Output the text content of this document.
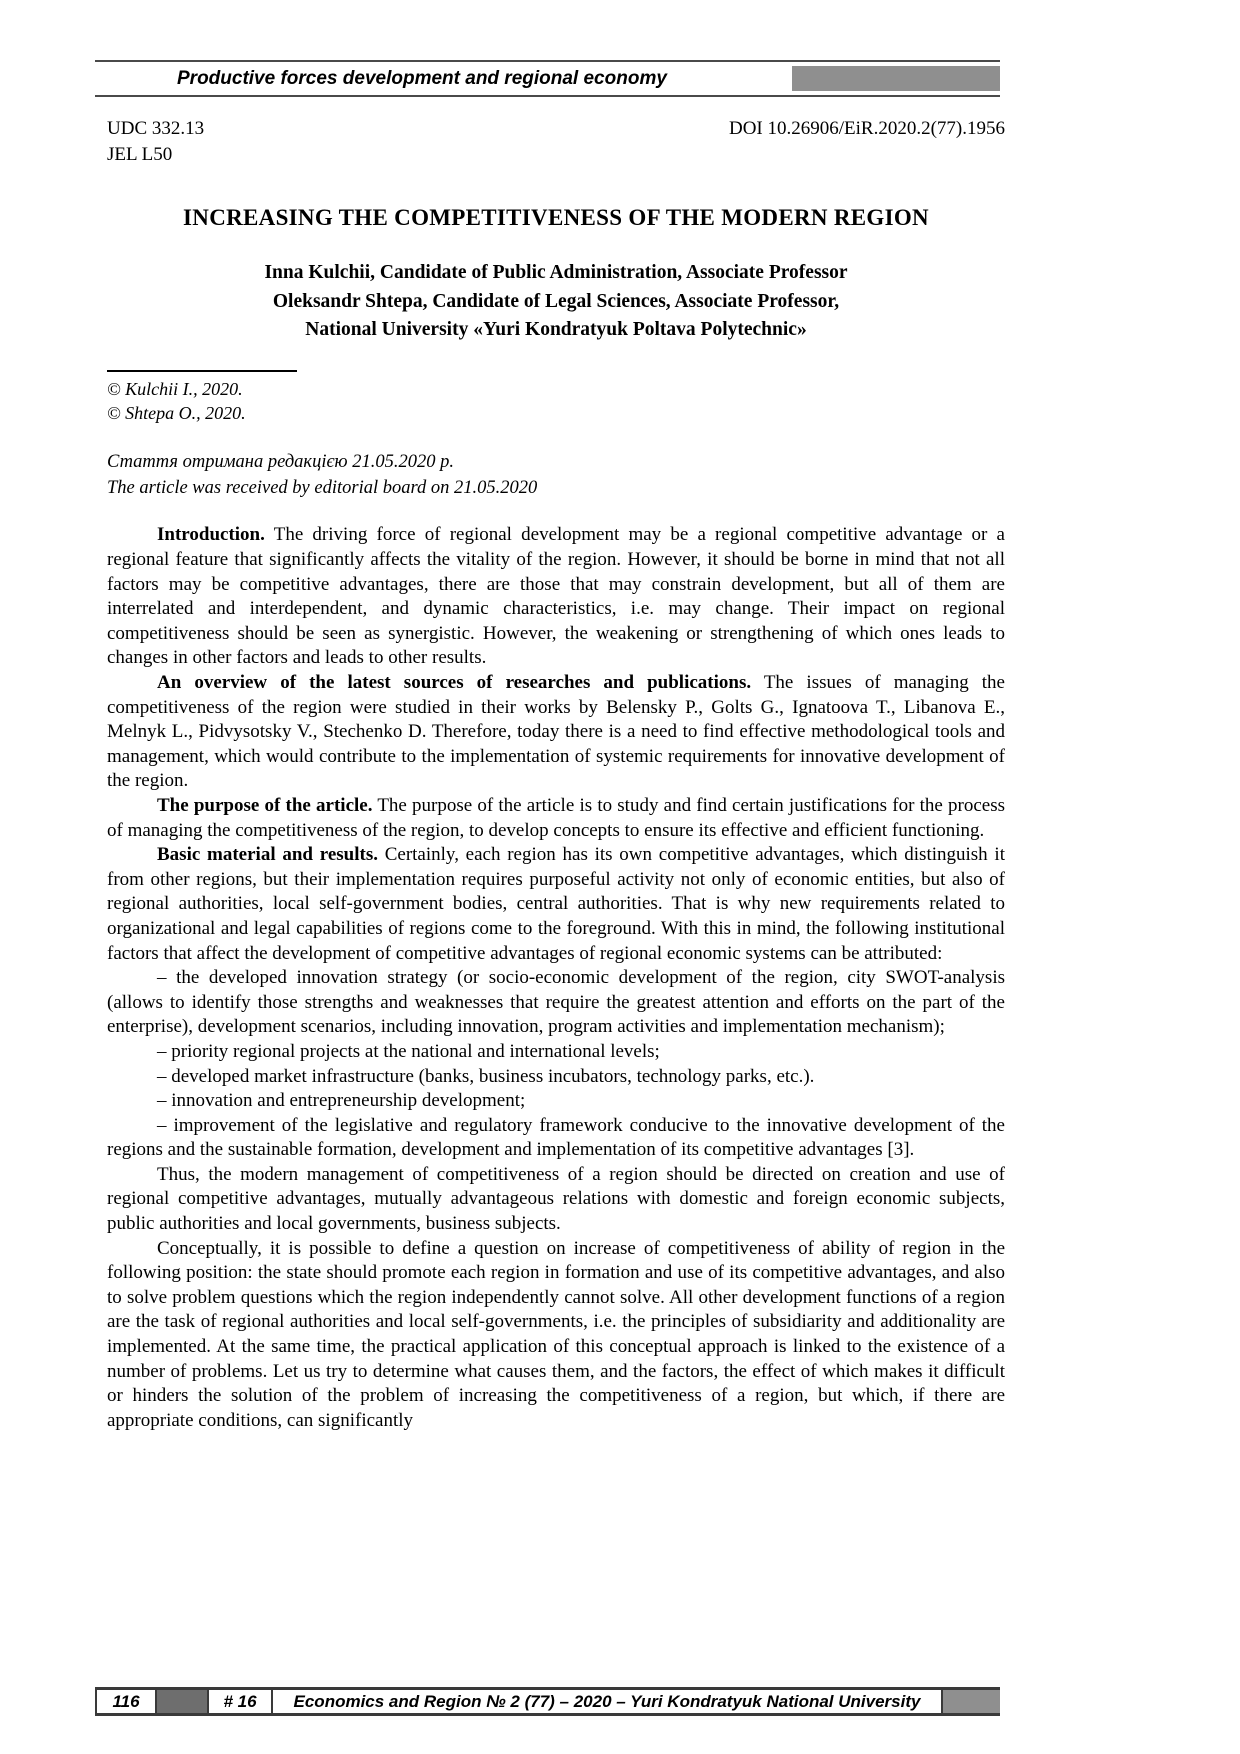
Productive forces development and regional economy
UDC 332.13
JEL L50
DOI 10.26906/EiR.2020.2(77).1956
INCREASING THE COMPETITIVENESS OF THE MODERN REGION
Inna Kulchii, Candidate of Public Administration, Associate Professor
Oleksandr Shtepa, Candidate of Legal Sciences, Associate Professor,
National University «Yuri Kondratyuk Poltava Polytechnic»
© Kulchii I., 2020.
© Shtepa O., 2020.
Стаття отримана редакцією 21.05.2020 р.
The article was received by editorial board on 21.05.2020

Introduction. The driving force of regional development may be a regional competitive advantage or a regional feature that significantly affects the vitality of the region. However, it should be borne in mind that not all factors may be competitive advantages, there are those that may constrain development, but all of them are interrelated and interdependent, and dynamic characteristics, i.e. may change. Their impact on regional competitiveness should be seen as synergistic. However, the weakening or strengthening of which ones leads to changes in other factors and leads to other results.

An overview of the latest sources of researches and publications. The issues of managing the competitiveness of the region were studied in their works by Belensky P., Golts G., Ignatoova T., Libanova E., Melnyk L., Pidvysotsky V., Stechenko D. Therefore, today there is a need to find effective methodological tools and management, which would contribute to the implementation of systemic requirements for innovative development of the region.

The purpose of the article. The purpose of the article is to study and find certain justifications for the process of managing the competitiveness of the region, to develop concepts to ensure its effective and efficient functioning.

Basic material and results. Certainly, each region has its own competitive advantages, which distinguish it from other regions, but their implementation requires purposeful activity not only of economic entities, but also of regional authorities, local self-government bodies, central authorities. That is why new requirements related to organizational and legal capabilities of regions come to the foreground. With this in mind, the following institutional factors that affect the development of competitive advantages of regional economic systems can be attributed:

– the developed innovation strategy (or socio-economic development of the region, city SWOT-analysis (allows to identify those strengths and weaknesses that require the greatest attention and efforts on the part of the enterprise), development scenarios, including innovation, program activities and implementation mechanism);

– priority regional projects at the national and international levels;

– developed market infrastructure (banks, business incubators, technology parks, etc.).

– innovation and entrepreneurship development;

– improvement of the legislative and regulatory framework conducive to the innovative development of the regions and the sustainable formation, development and implementation of its competitive advantages [3].

Thus, the modern management of competitiveness of a region should be directed on creation and use of regional competitive advantages, mutually advantageous relations with domestic and foreign economic subjects, public authorities and local governments, business subjects.

Conceptually, it is possible to define a question on increase of competitiveness of ability of region in the following position: the state should promote each region in formation and use of its competitive advantages, and also to solve problem questions which the region independently cannot solve. All other development functions of a region are the task of regional authorities and local self-governments, i.e. the principles of subsidiarity and additionality are implemented. At the same time, the practical application of this conceptual approach is linked to the existence of a number of problems. Let us try to determine what causes them, and the factors, the effect of which makes it difficult or hinders the solution of the problem of increasing the competitiveness of a region, but which, if there are appropriate conditions, can significantly

116	# 16	Economics and Region № 2 (77) – 2020 – Yuri Kondratyuk National University
